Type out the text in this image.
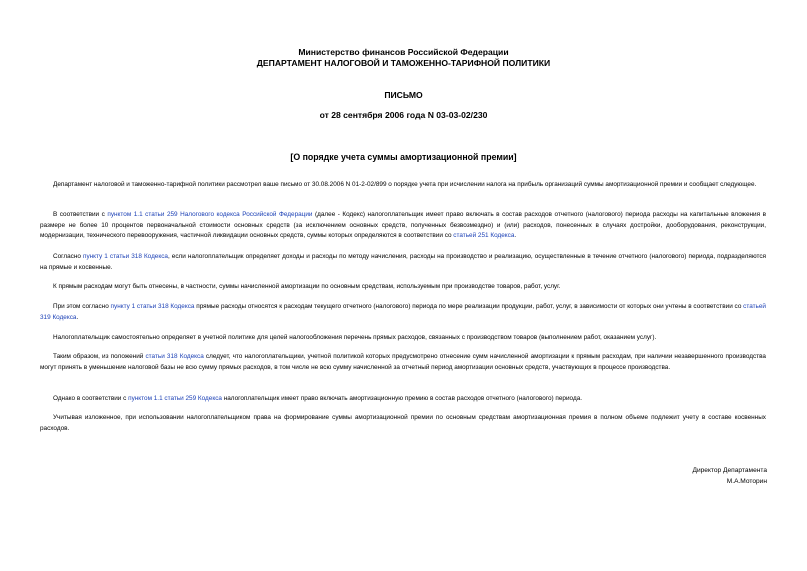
Министерство финансов Российской Федерации
ДЕПАРТАМЕНТ НАЛОГОВОЙ И ТАМОЖЕННО-ТАРИФНОЙ ПОЛИТИКИ
ПИСЬМО
от 28 сентября 2006 года N 03-03-02/230
[О порядке учета суммы амортизационной премии]

Департамент налоговой и таможенно-тарифной политики рассмотрел ваше письмо от 30.08.2006 N 01-2-02/899 о порядке учета при исчислении налога на прибыль организаций суммы амортизационной премии и сообщает следующее.

В соответствии с пунктом 1.1 статьи 259 Налогового кодекса Российской Федерации (далее - Кодекс) налогоплательщик имеет право включать в состав расходов отчетного (налогового) периода расходы на капитальные вложения в размере не более 10 процентов первоначальной стоимости основных средств (за исключением основных средств, полученных безвозмездно) и (или) расходов, понесенных в случаях достройки, дооборудования, реконструкции, модернизации, технического перевооружения, частичной ликвидации основных средств, суммы которых определяются в соответствии со статьей 251 Кодекса.

Согласно пункту 1 статьи 318 Кодекса, если налогоплательщик определяет доходы и расходы по методу начисления, расходы на производство и реализацию, осуществленные в течение отчетного (налогового) периода, подразделяются на прямые и косвенные.

К прямым расходам могут быть отнесены, в частности, суммы начисленной амортизации по основным средствам, используемым при производстве товаров, работ, услуг.

При этом согласно пункту 1 статьи 318 Кодекса прямые расходы относятся к расходам текущего отчетного (налогового) периода по мере реализации продукции, работ, услуг, в зависимости от которых они учтены в соответствии со статьей 319 Кодекса.

Налогоплательщик самостоятельно определяет в учетной политике для целей налогообложения перечень прямых расходов, связанных с производством товаров (выполнением работ, оказанием услуг).

Таким образом, из положений статьи 318 Кодекса следует, что налогоплательщики, учетной политикой которых предусмотрено отнесение сумм начисленной амортизации к прямым расходам, при наличии незавершенного производства могут принять в уменьшение налоговой базы не всю сумму прямых расходов, в том числе не всю сумму начисленной за отчетный период амортизации основных средств, участвующих в процессе производства.

Однако в соответствии с пунктом 1.1 статьи 259 Кодекса налогоплательщик имеет право включать амортизационную премию в состав расходов отчетного (налогового) периода.

Учитывая изложенное, при использовании налогоплательщиком права на формирование суммы амортизационной премии по основным средствам амортизационная премия в полном объеме подлежит учету в составе косвенных расходов.

Директор Департамента
М.А.Моторин
